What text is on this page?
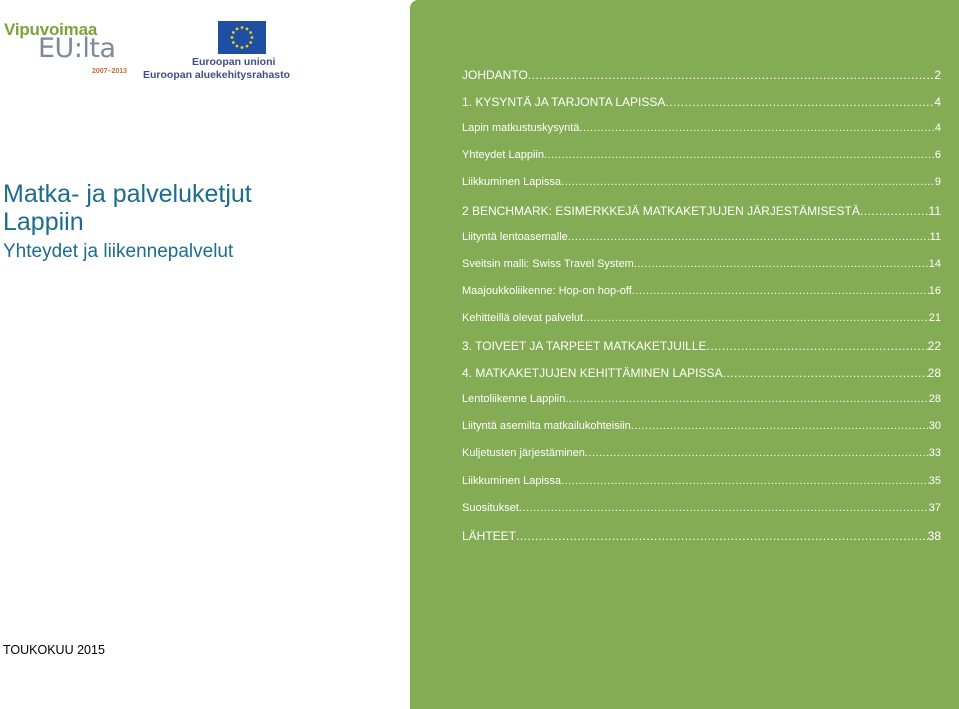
Vipuvoimaa
EU:lta
2007–2013
Euroopan unioni
Euroopan aluekehitysrahasto
Matka- ja palveluketjut
Lappiin
Yhteydet ja liikennepalvelut
TOUKOKUU 2015
JOHDANTO .....	2
1. KYSYNTÄ JA TARJONTA LAPISSA .....	4
Lapin matkustuskysyntä .....	4
Yhteydet Lappiin .....	6
Liikkuminen Lapissa .....	9
2 BENCHMARK: ESIMERKKEJÄ MATKAKETJUJEN JÄRJESTÄMISESTÄ .....	11
Liityntä lentoasemalle .....	11
Sveitsin malli: Swiss Travel System .....	14
Maajoukkoliikenne: Hop-on hop-off .....	16
Kehitteillä olevat palvelut .....	21
3. TOIVEET JA TARPEET MATKAKETJUILLE .....	22
4. MATKAKETJUJEN KEHITTÄMINEN LAPISSA .....	28
Lentoliikenne Lappiin .....	28
Liityntä asemilta matkailukohteisiin .....	30
Kuljetusten järjestäminen .....	33
Liikkuminen Lapissa .....	35
Suositukset .....	37
LÄHTEET .....	38
